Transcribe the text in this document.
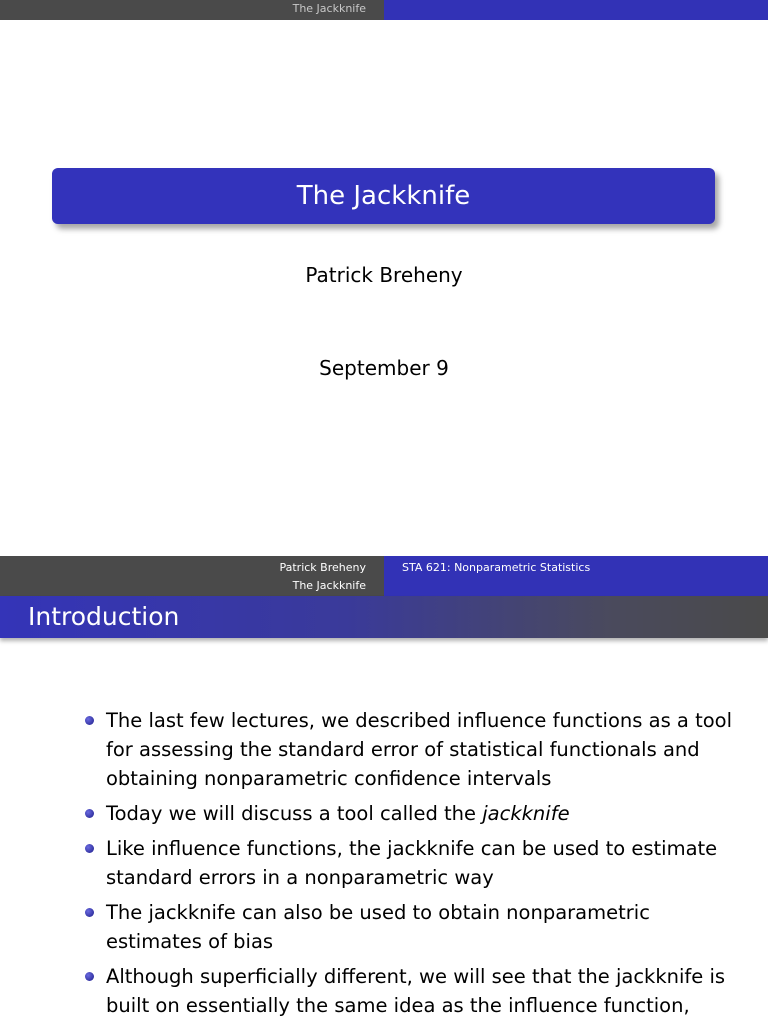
The Jackknife
The Jackknife
Patrick Breheny
September 9
Patrick Breheny
The Jackknife
STA 621: Nonparametric Statistics
Introduction
The last few lectures, we described influence functions as a tool for assessing the standard error of statistical functionals and obtaining nonparametric confidence intervals
Today we will discuss a tool called the jackknife
Like influence functions, the jackknife can be used to estimate standard errors in a nonparametric way
The jackknife can also be used to obtain nonparametric estimates of bias
Although superficially different, we will see that the jackknife is built on essentially the same idea as the influence function,
